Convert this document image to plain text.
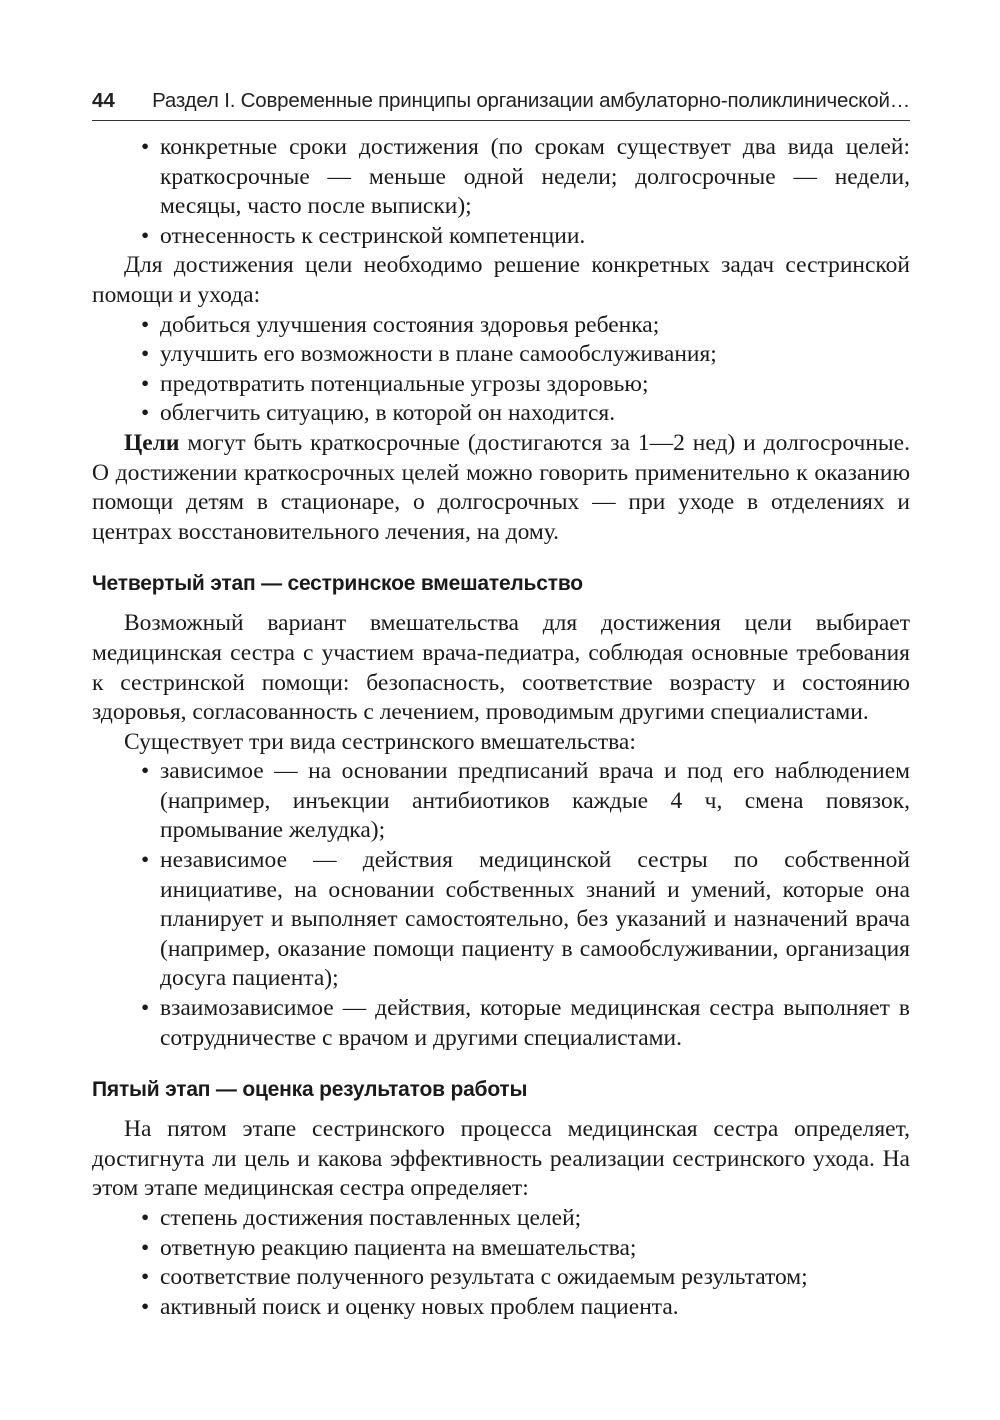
44 Раздел I. Современные принципы организации амбулаторно-поликлинической…
• конкретные сроки достижения (по срокам существует два вида целей: краткосрочные — меньше одной недели; долгосрочные — недели, месяцы, часто после выписки);
• отнесенность к сестринской компетенции.

Для достижения цели необходимо решение конкретных задач сестринской помощи и ухода:

• добиться улучшения состояния здоровья ребенка;
• улучшить его возможности в плане самообслуживания;
• предотвратить потенциальные угрозы здоровью;
• облегчить ситуацию, в которой он находится.

Цели могут быть краткосрочные (достигаются за 1—2 нед) и долгосрочные. О достижении краткосрочных целей можно говорить применительно к оказанию помощи детям в стационаре, о долгосрочных — при уходе в отделениях и центрах восстановительного лечения, на дому.

Четвертый этап — сестринское вмешательство

Возможный вариант вмешательства для достижения цели выбирает медицинская сестра с участием врача-педиатра, соблюдая основные требования к сестринской помощи: безопасность, соответствие возрасту и состоянию здоровья, согласованность с лечением, проводимым другими специалистами.

Существует три вида сестринского вмешательства:

• зависимое — на основании предписаний врача и под его наблюдением (например, инъекции антибиотиков каждые 4 ч, смена повязок, промывание желудка);
• независимое — действия медицинской сестры по собственной инициативе, на основании собственных знаний и умений, которые она планирует и выполняет самостоятельно, без указаний и назначений врача (например, оказание помощи пациенту в самообслуживании, организация досуга пациента);
• взаимозависимое — действия, которые медицинская сестра выполняет в сотрудничестве с врачом и другими специалистами.
Пятый этап — оценка результатов работы

На пятом этапе сестринского процесса медицинская сестра определяет, достигнута ли цель и какова эффективность реализации сестринского ухода. На этом этапе медицинская сестра определяет:

• степень достижения поставленных целей;
• ответную реакцию пациента на вмешательства;
• соответствие полученного результата с ожидаемым результатом;
• активный поиск и оценку новых проблем пациента.
